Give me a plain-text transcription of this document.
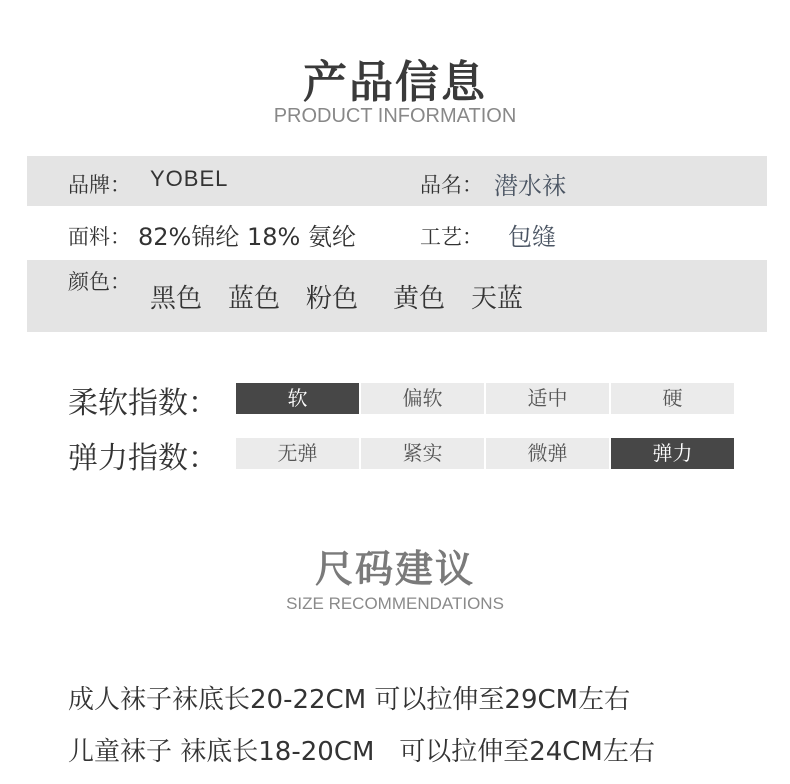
产品信息
PRODUCT INFORMATION
品牌： YOBEL	品名： 潜水袜
面料： 82%锦纶 18% 氨纶	工艺： 包缝
颜色：
黑色 蓝色 粉色 黄色 天蓝
柔软指数：	软	偏软	适中	硬
弹力指数：	无弹	紧实	微弹	弹力
尺码建议
SIZE RECOMMENDATIONS
成人袜子袜底长20-22CM 可以拉伸至29CM左右
儿童袜子 袜底长18-20CM   可以拉伸至24CM左右
